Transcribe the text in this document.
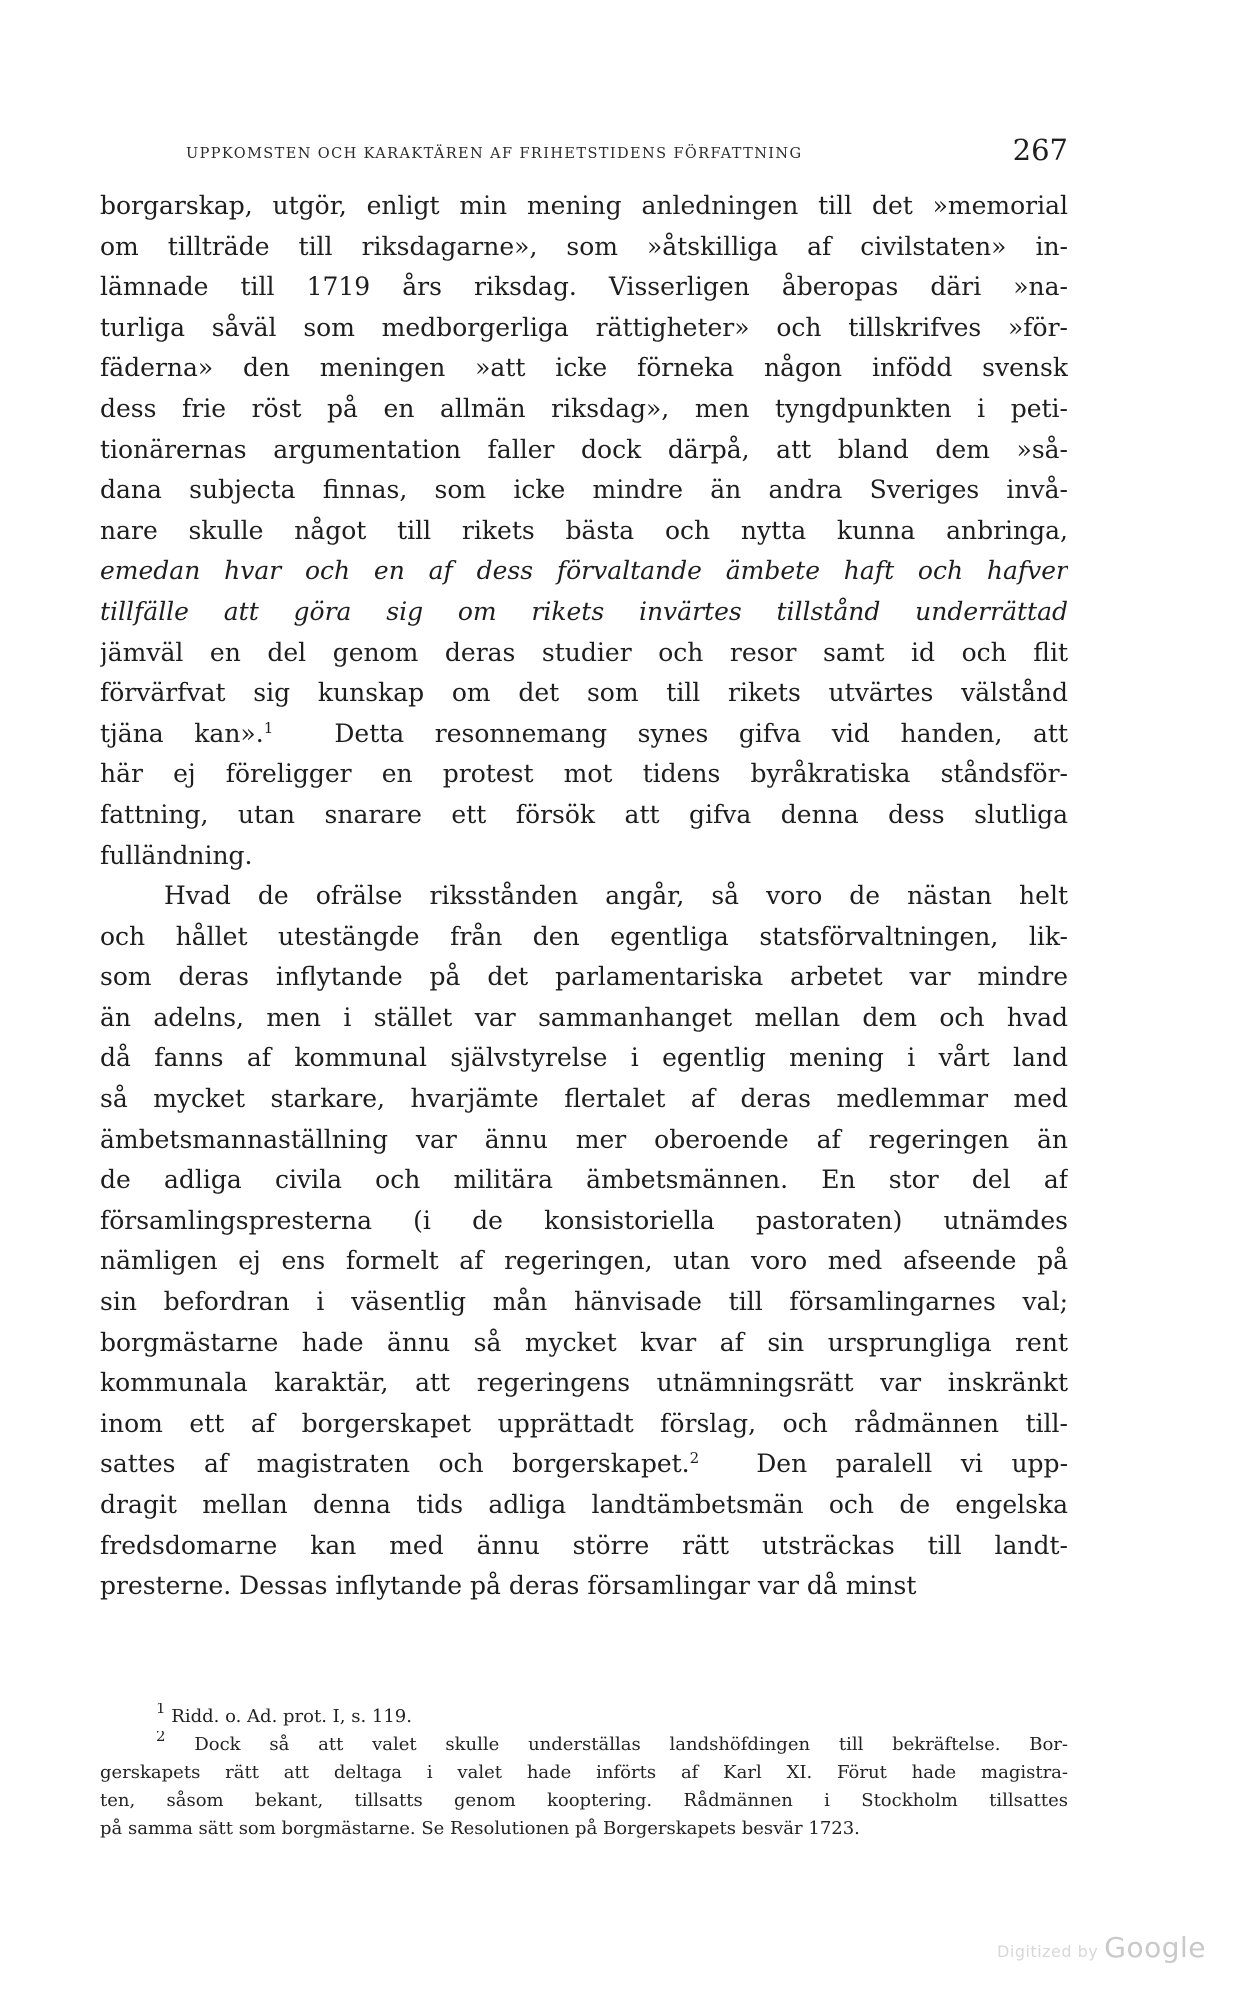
UPPKOMSTEN OCH KARAKTÄREN AF FRIHETSTIDENS FÖRFATTNING	267
borgarskap, utgör, enligt min mening anledningen till det »memorial
om tillträde till riksdagarne», som »åtskilliga af civilstaten» in-
lämnade till 1719 års riksdag. Visserligen åberopas däri »na-
turliga såväl som medborgerliga rättigheter» och tillskrifves »för-
fäderna» den meningen »att icke förneka någon infödd svensk
dess frie röst på en allmän riksdag», men tyngdpunkten i peti-
tionärernas argumentation faller dock därpå, att bland dem »så-
dana subjecta finnas, som icke mindre än andra Sveriges invå-
nare skulle något till rikets bästa och nytta kunna anbringa,
emedan hvar och en af dess förvaltande ämbete haft och hafver
tillfälle att göra sig om rikets invärtes tillstånd underrättad
jämväl en del genom deras studier och resor samt id och flit
förvärfvat sig kunskap om det som till rikets utvärtes välstånd
tjäna kan».$^1$ Detta resonnemang synes gifva vid handen, att
här ej föreligger en protest mot tidens byråkratiska ståndsför-
fattning, utan snarare ett försök att gifva denna dess slutliga
fulländning.
Hvad de ofrälse riksstånden angår, så voro de nästan helt
och hållet utestängde från den egentliga statsförvaltningen, lik-
som deras inflytande på det parlamentariska arbetet var mindre
än adelns, men i stället var sammanhanget mellan dem och hvad
då fanns af kommunal självstyrelse i egentlig mening i vårt land
så mycket starkare, hvarjämte flertalet af deras medlemmar med
ämbetsmannaställning var ännu mer oberoende af regeringen än
de adliga civila och militära ämbetsmännen. En stor del af
församlingspresterna (i de konsistoriella pastoraten) utnämdes
nämligen ej ens formelt af regeringen, utan voro med afseende på
sin befordran i väsentlig mån hänvisade till församlingarnes val;
borgmästarne hade ännu så mycket kvar af sin ursprungliga rent
kommunala karaktär, att regeringens utnämningsrätt var inskränkt
inom ett af borgerskapet upprättadt förslag, och rådmännen till-
sattes af magistraten och borgerskapet.$^2$ Den paralell vi upp-
dragit mellan denna tids adliga landtämbetsmän och de engelska
fredsdomarne kan med ännu större rätt utsträckas till landt-
presterne. Dessas inflytande på deras församlingar var då minst
$^1$ Ridd. o. Ad. prot. I, s. 119.
$^2$ Dock så att valet skulle underställas landshöfdingen till bekräftelse. Bor-
gerskapets rätt att deltaga i valet hade införts af Karl XI. Förut hade magistra-
ten, såsom bekant, tillsatts genom kooptering. Rådmännen i Stockholm tillsattes
på samma sätt som borgmästarne. Se Resolutionen på Borgerskapets besvär 1723.
Digitized by Google
